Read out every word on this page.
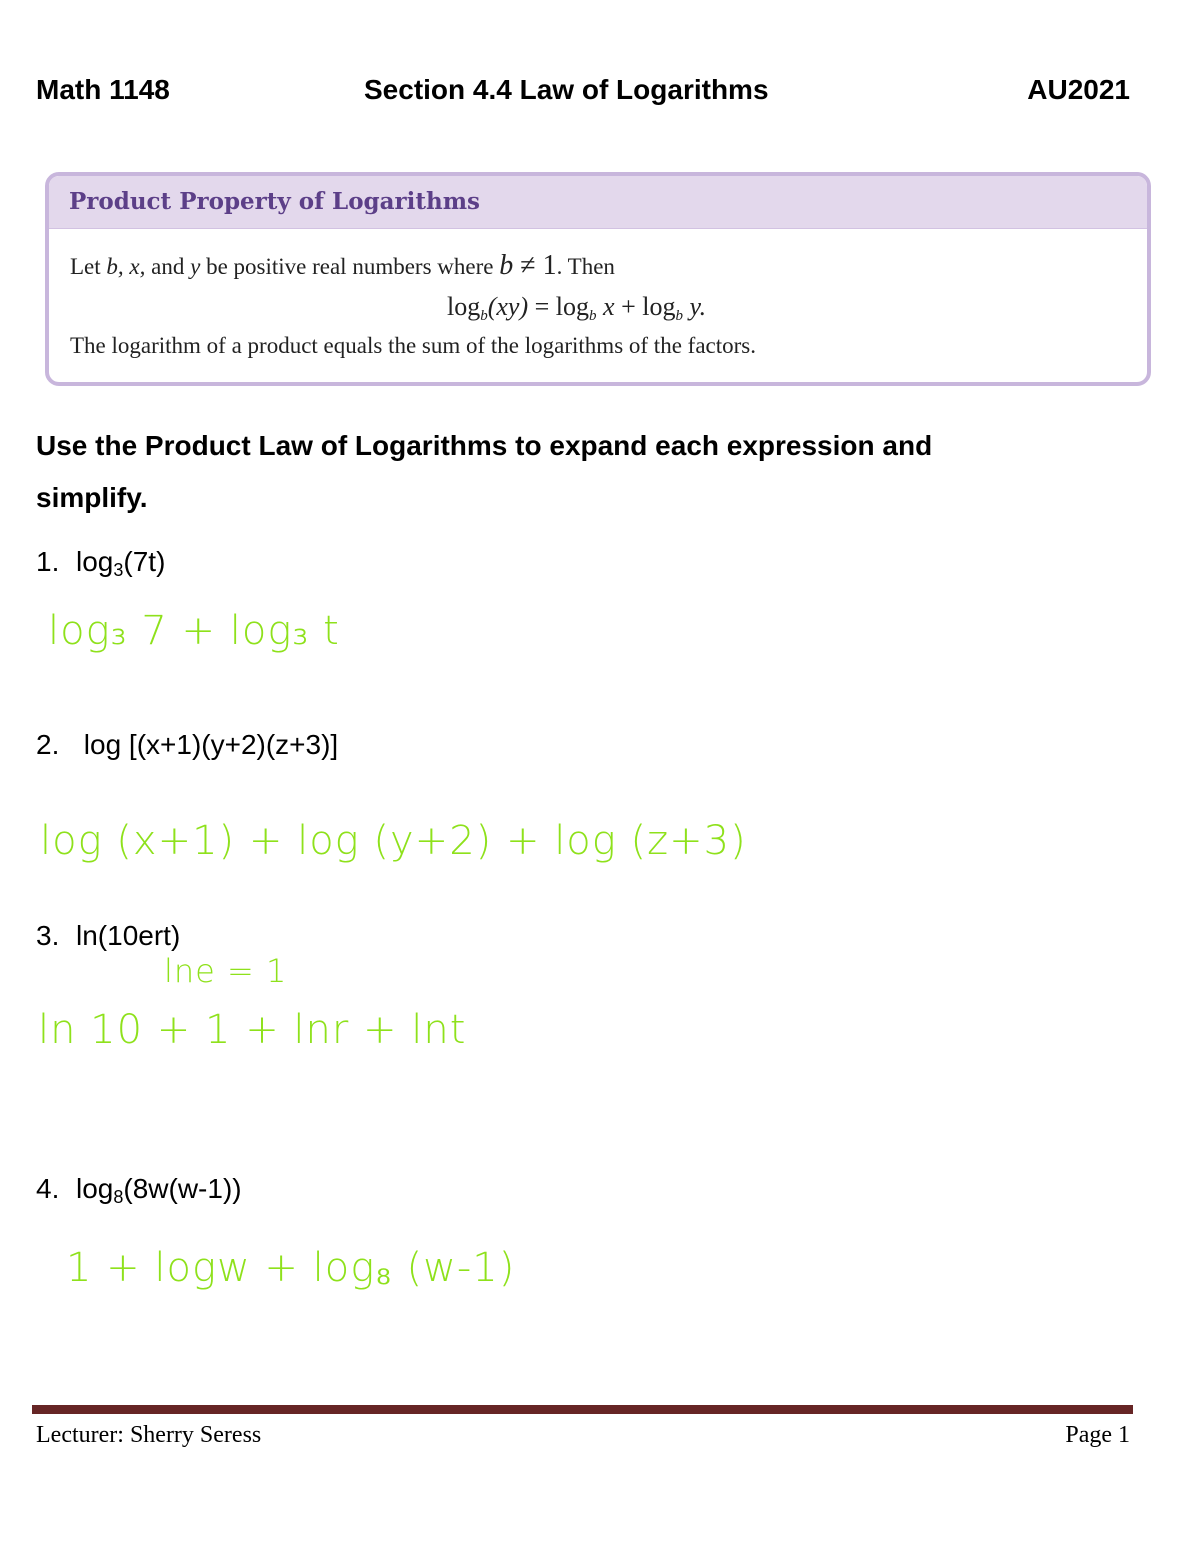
Math 1148	Section 4.4 Law of Logarithms	AU2021
Product Property of Logarithms
Let b, x, and y be positive real numbers where b ≠ 1. Then
$\log_b(xy) = \log_b x + \log_b y$.
The logarithm of a product equals the sum of the logarithms of the factors.
Use the Product Law of Logarithms to expand each expression and simplify.
1. $\log_3(7t)$
log₃ 7 + log₃ t
2. log [(x+1)(y+2)(z+3)]
log (x+1) + log (y+2) + log (z+3)
3. ln(10ert)
lne = 1
ln 10 + 1 + lnr + lnt
4. $\log_8(8w(w-1))$
1 + logw + log₈ (w-1)
Lecturer: Sherry Seress	Page 1
